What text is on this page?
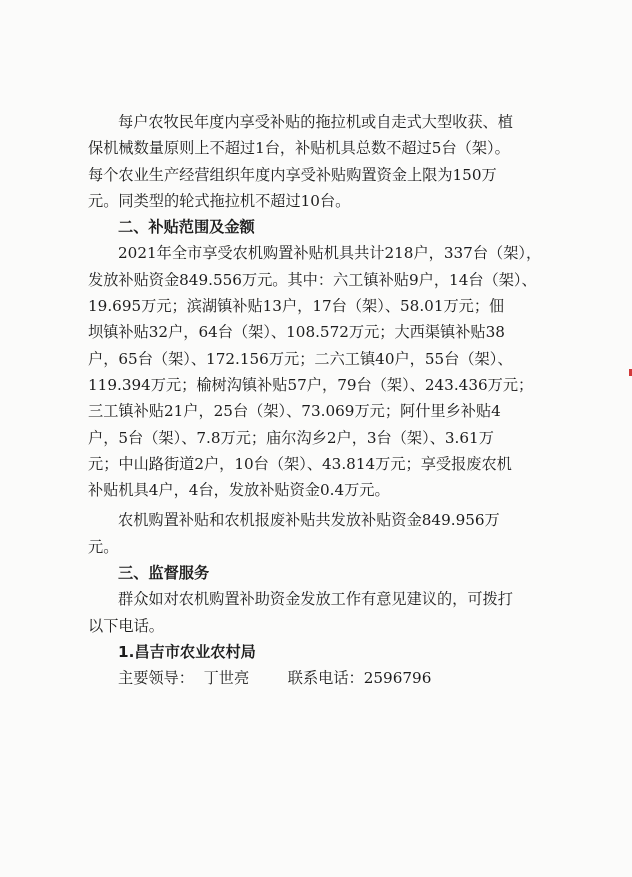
每户农牧民年度内享受补贴的拖拉机或自走式大型收获、植
保机械数量原则上不超过1台，补贴机具总数不超过5台（架）。
每个农业生产经营组织年度内享受补贴购置资金上限为150万
元。同类型的轮式拖拉机不超过10台。
二、补贴范围及金额
2021年全市享受农机购置补贴机具共计218户，337台（架），
发放补贴资金849.556万元。其中：六工镇补贴9户，14台（架）、
19.695万元；滨湖镇补贴13户，17台（架）、58.01万元；佃
坝镇补贴32户，64台（架）、108.572万元；大西渠镇补贴38
户，65台（架）、172.156万元；二六工镇40户，55台（架）、
119.394万元；榆树沟镇补贴57户，79台（架）、243.436万元；
三工镇补贴21户，25台（架）、73.069万元；阿什里乡补贴4
户，5台（架）、7.8万元；庙尔沟乡2户，3台（架）、3.61万
元；中山路街道2户，10台（架）、43.814万元；享受报废农机
补贴机具4户，4台，发放补贴资金0.4万元。
农机购置补贴和农机报废补贴共发放补贴资金849.956万
元。
三、监督服务
群众如对农机购置补助资金发放工作有意见建议的，可拨打
以下电话。
1.昌吉市农业农村局
主要领导：  丁世亮        联系电话：2596796
